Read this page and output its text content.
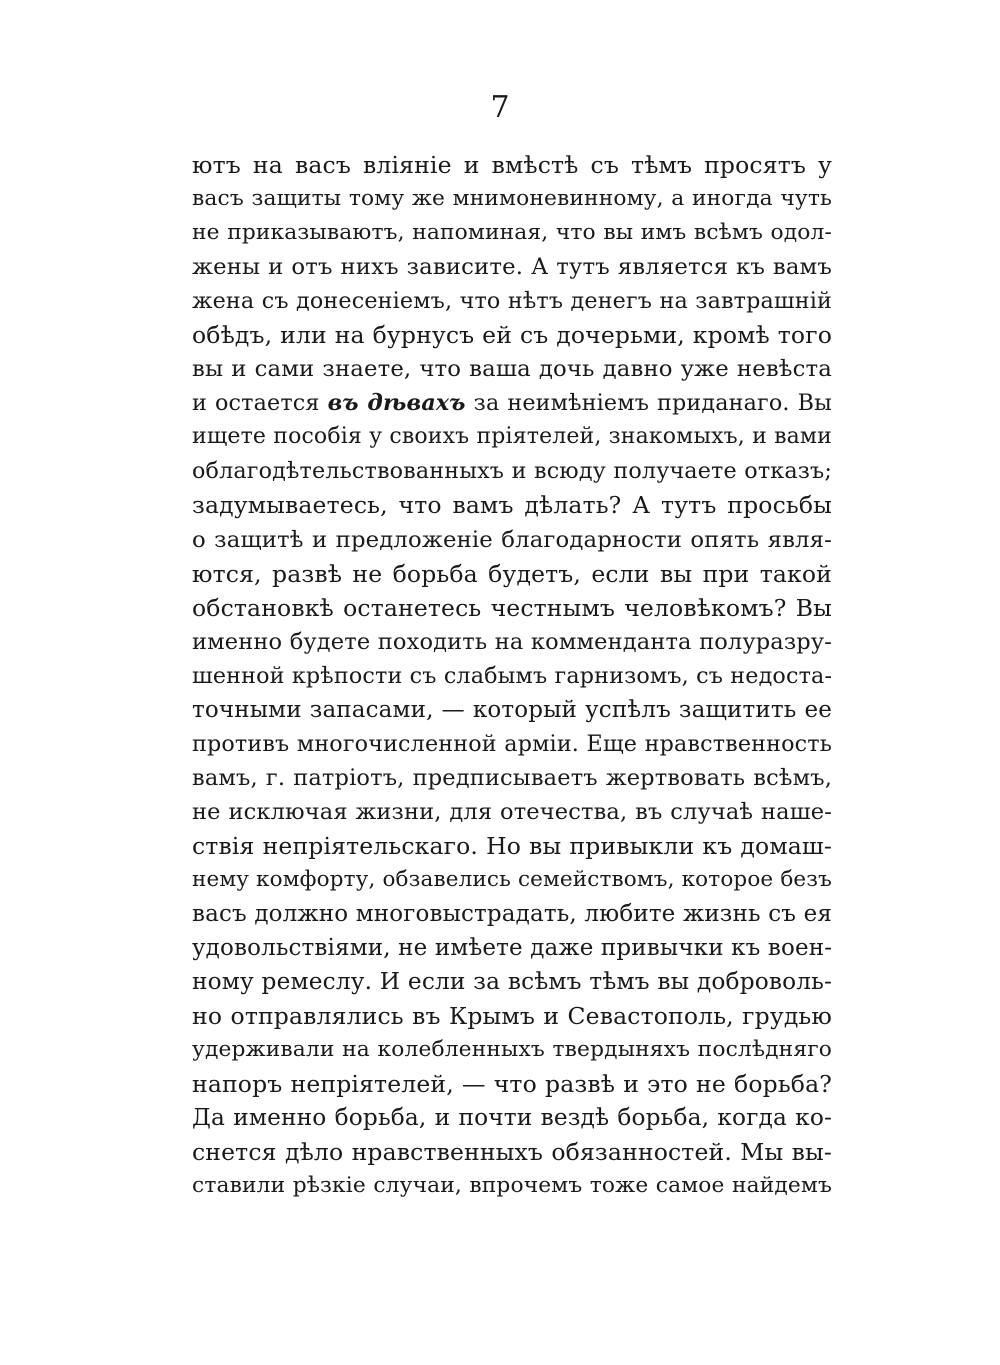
7
ютъ на васъ вліяніе и вмѣстѣ съ тѣмъ просятъ у
васъ защиты тому же мнимоневинному, а иногда чуть
не приказываютъ, напоминая, что вы имъ всѣмъ одол-
жены и отъ нихъ зависите. А тутъ является къ вамъ
жена съ донесеніемъ, что нѣтъ денегъ на завтрашній
обѣдъ, или на бурнусъ ей съ дочерьми, кромѣ того
вы и сами знаете, что ваша дочь давно уже невѣста
и остается въ дѣвахъ за неимѣніемъ приданаго. Вы
ищете пособія у своихъ пріятелей, знакомыхъ, и вами
облагодѣтельствованныхъ и всюду получаете отказъ;
задумываетесь, что вамъ дѣлать? А тутъ просьбы
о защитѣ и предложеніе благодарности опять явля-
ются, развѣ не борьба будетъ, если вы при такой
обстановкѣ останетесь честнымъ человѣкомъ? Вы
именно будете походить на комменданта полуразру-
шенной крѣпости съ слабымъ гарнизомъ, съ недоста-
точными запасами, — который успѣлъ защитить ее
противъ многочисленной арміи. Еще нравственность
вамъ, г. патріотъ, предписываетъ жертвовать всѣмъ,
не исключая жизни, для отечества, въ случаѣ наше-
ствія непріятельскаго. Но вы привыкли къ домаш-
нему комфорту, обзавелись семействомъ, которое безъ
васъ должно многовыстрадать, любите жизнь съ ея
удовольствіями, не имѣете даже привычки къ воен-
ному ремеслу. И если за всѣмъ тѣмъ вы доброволь-
но отправлялись въ Крымъ и Севастополь, грудью
удерживали на колебленныхъ твердыняхъ послѣдняго
напоръ непріятелей, — что развѣ и это не борьба?
Да именно борьба, и почти вездѣ борьба, когда ко-
снется дѣло нравственныхъ обязанностей. Мы вы-
ставили рѣзкіе случаи, впрочемъ тоже самое найдемъ
